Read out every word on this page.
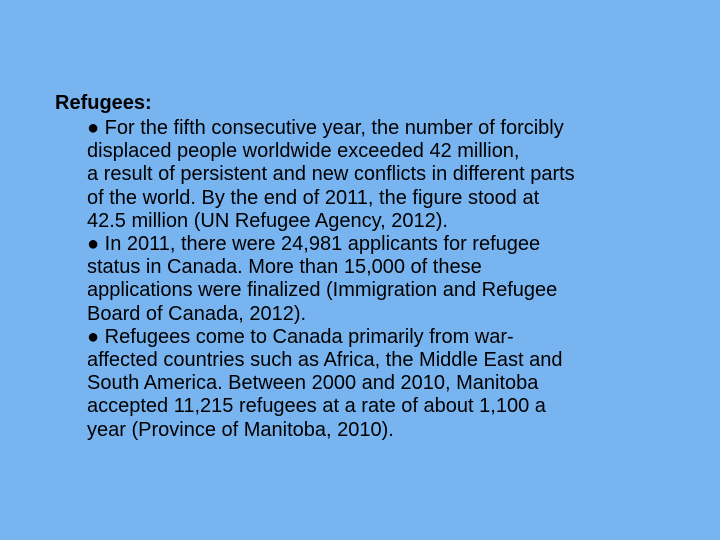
Refugees:
● For the fifth consecutive year, the number of forcibly
displaced people worldwide exceeded 42 million,
a result of persistent and new conflicts in different parts
of the world. By the end of 2011, the figure stood at
42.5 million (UN Refugee Agency, 2012).
● In 2011, there were 24,981 applicants for refugee
status in Canada. More than 15,000 of these
applications were finalized (Immigration and Refugee
Board of Canada, 2012).
● Refugees come to Canada primarily from war-
affected countries such as Africa, the Middle East and
South America. Between 2000 and 2010, Manitoba
accepted 11,215 refugees at a rate of about 1,100 a
year (Province of Manitoba, 2010).
